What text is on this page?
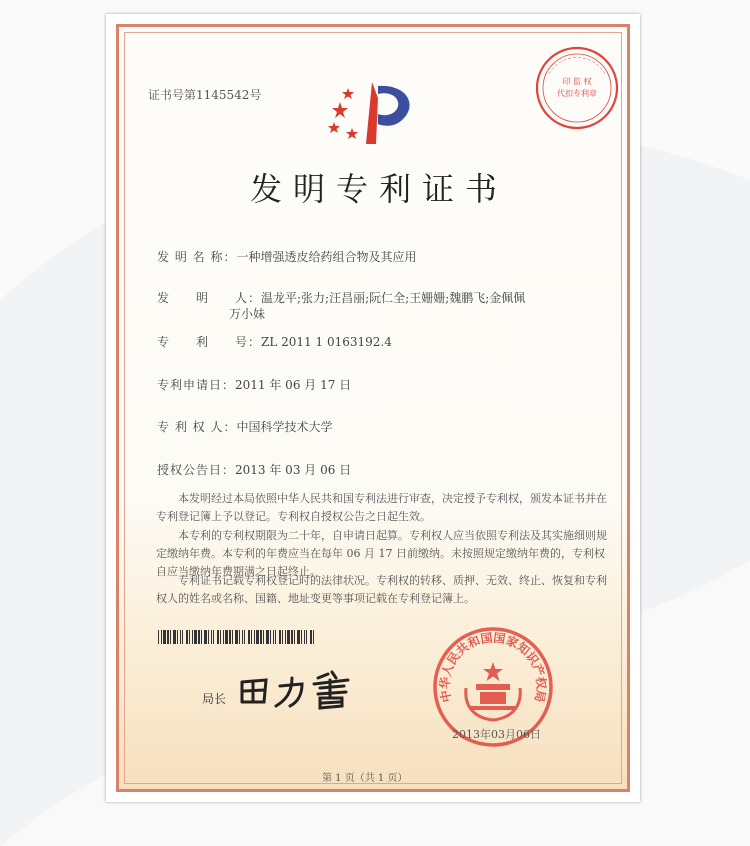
证书号第1145542号
印 监 权
代扣专利章
发明专利证书
发 明 名 称：一种增强透皮给药组合物及其应用
发　　明　　人：温龙平;张力;汪昌丽;阮仁全;王姗姗;魏鹏飞;金佩佩
万小妹
专　　利　　号：ZL 2011 1 0163192.4
专利申请日：2011 年 06 月 17 日
专 利 权 人：中国科学技术大学
授权公告日：2013 年 03 月 06 日
本发明经过本局依照中华人民共和国专利法进行审查，决定授予专利权，颁发本证书并在专利登记簿上予以登记。专利权自授权公告之日起生效。
本专利的专利权期限为二十年，自申请日起算。专利权人应当依照专利法及其实施细则规定缴纳年费。本专利的年费应当在每年 06 月 17 日前缴纳。未按照规定缴纳年费的，专利权自应当缴纳年费期满之日起终止。
专利证书记载专利权登记时的法律状况。专利权的转移、质押、无效、终止、恢复和专利权人的姓名或名称、国籍、地址变更等事项记载在专利登记簿上。
局长	中华人民共和国国家知识产权局
2013年03月06日
第 1 页（共 1 页）
